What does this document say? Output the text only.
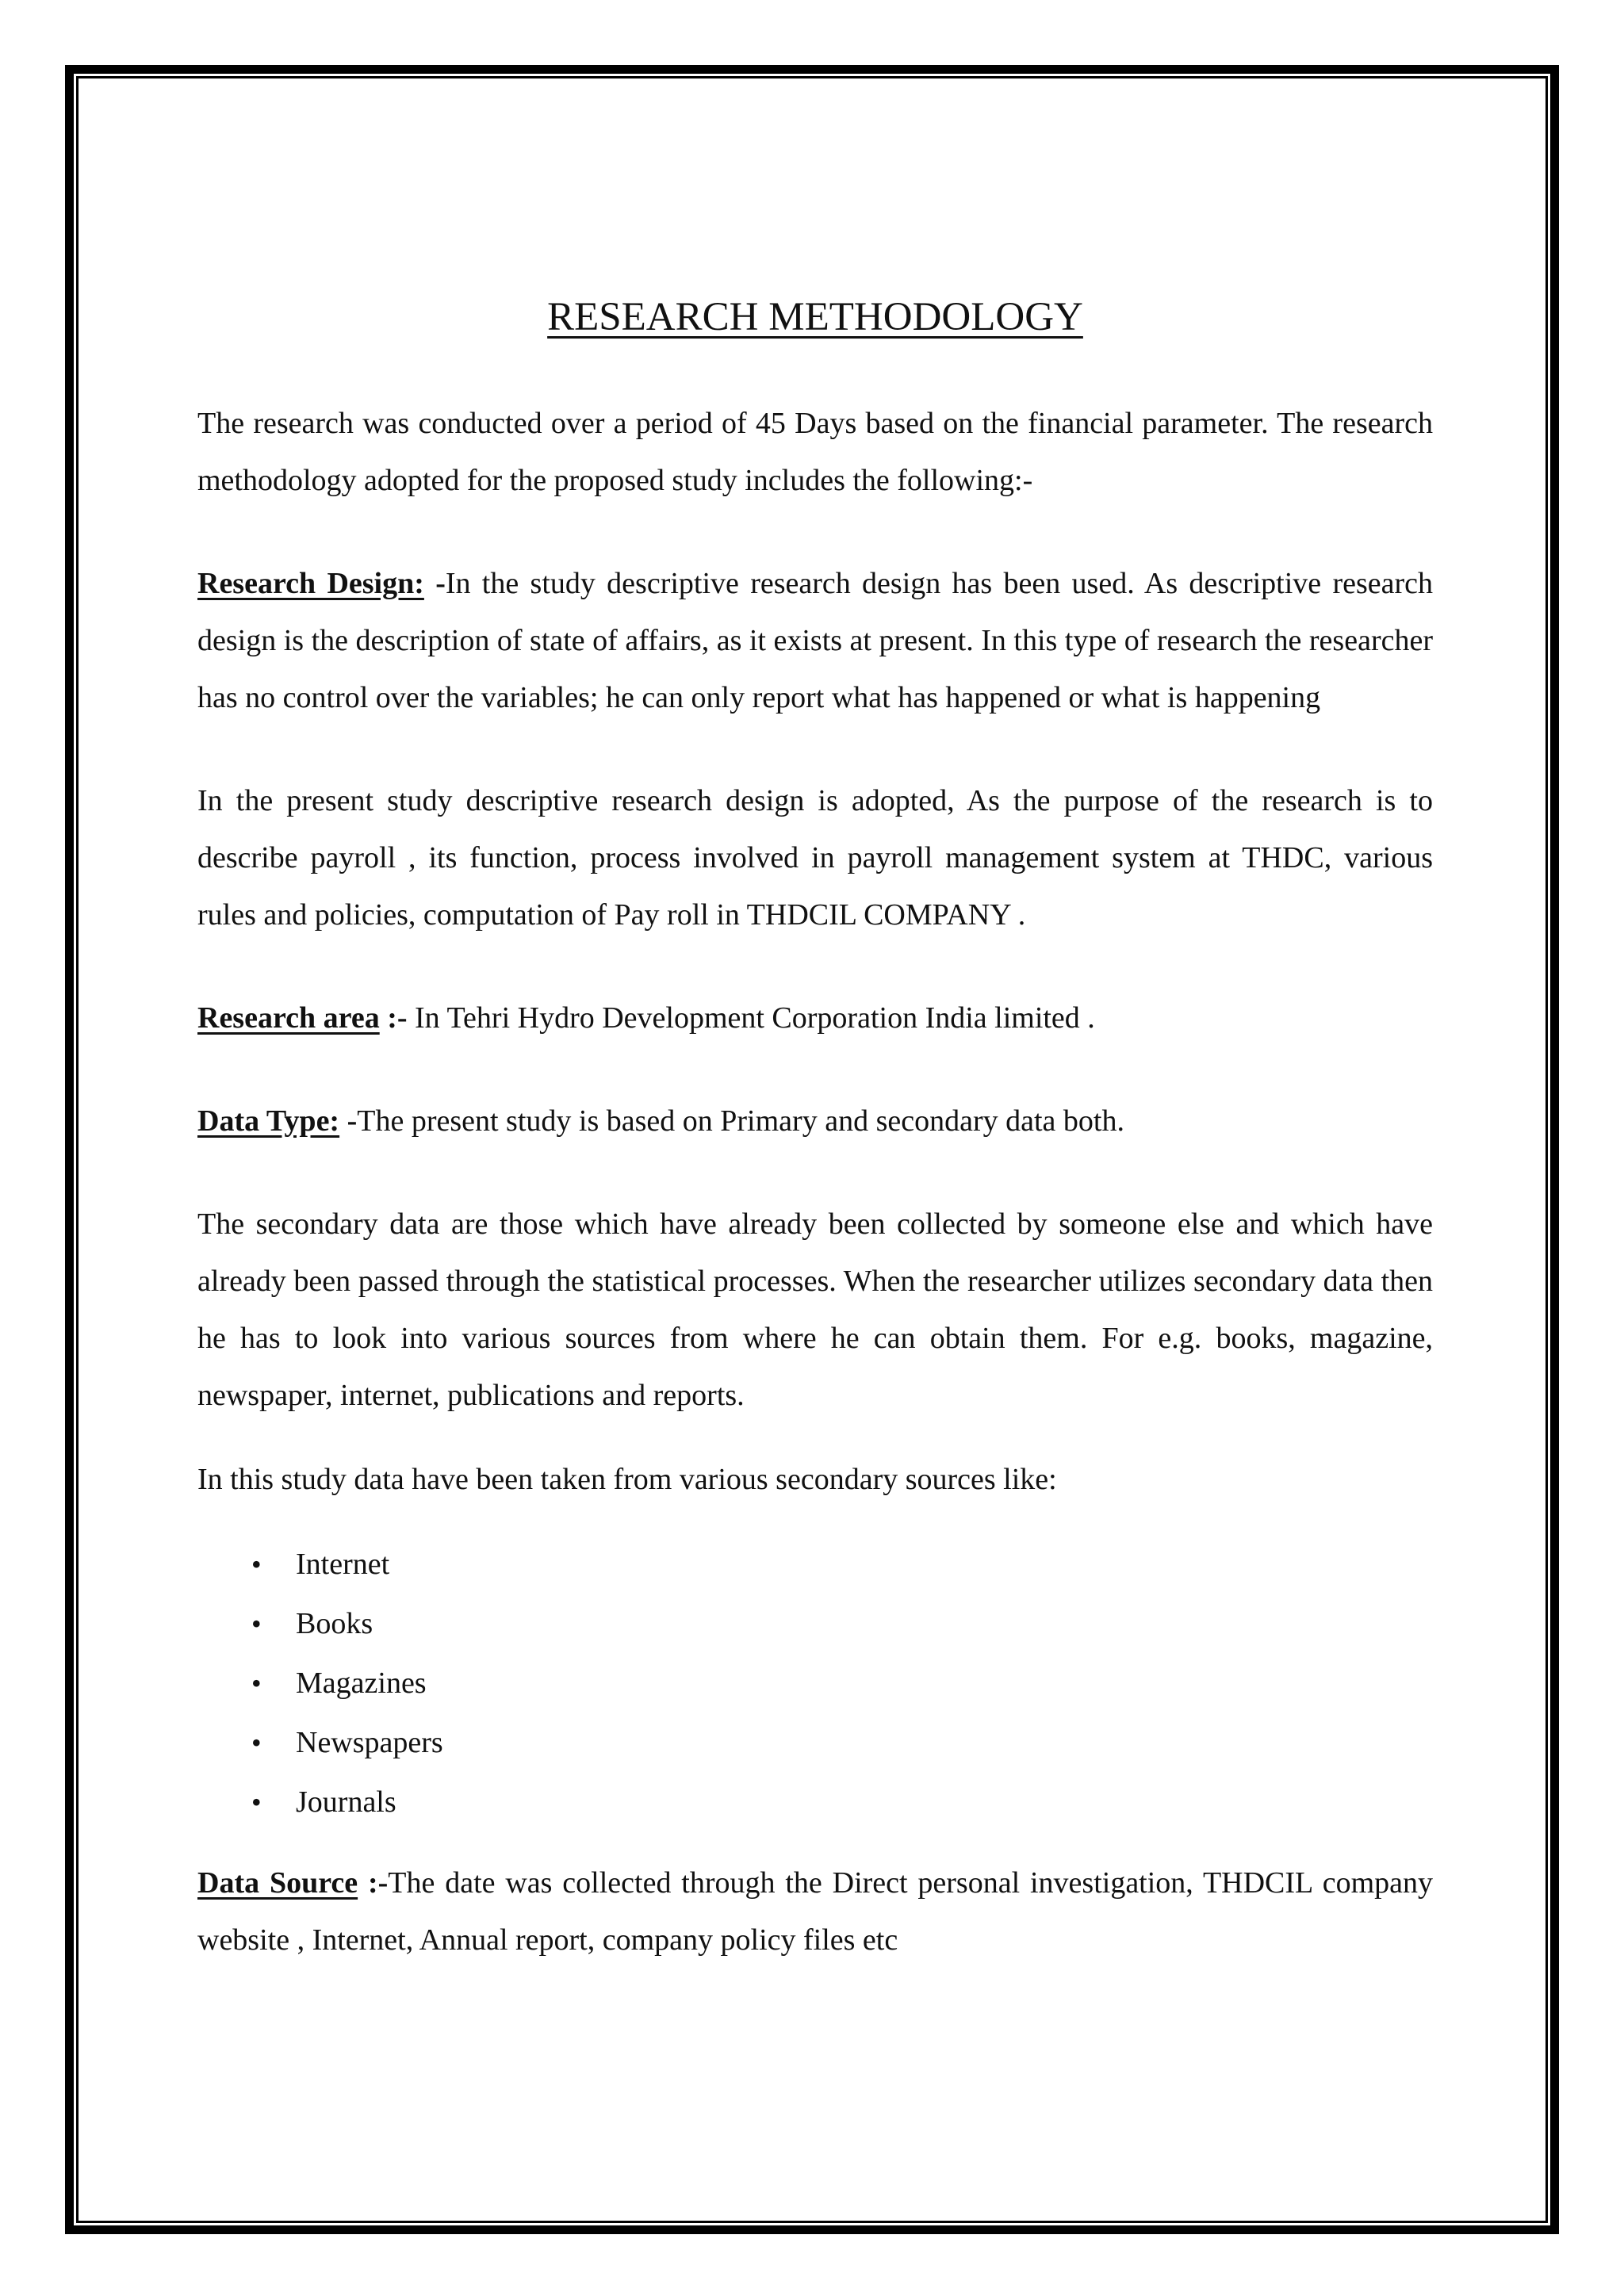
RESEARCH METHODOLOGY

The research was conducted over a period of 45 Days based on the financial parameter. The research methodology adopted for the proposed study includes the following:-

Research Design: -In the study descriptive research design has been used. As descriptive research design is the description of state of affairs, as it exists at present. In this type of research the researcher has no control over the variables; he can only report what has happened or what is happening

In the present study descriptive research design is adopted, As the purpose of the research is to describe payroll , its function, process involved in payroll management system at THDC, various rules and policies, computation of Pay roll in THDCIL COMPANY .

Research area :- In Tehri Hydro Development Corporation India limited .

Data Type: -The present study is based on Primary and secondary data both.

The secondary data are those which have already been collected by someone else and which have already been passed through the statistical processes. When the researcher utilizes secondary data then he has to look into various sources from where he can obtain them. For e.g. books, magazine, newspaper, internet, publications and reports.

In this study data have been taken from various secondary sources like:

• Internet
• Books
• Magazines
• Newspapers
• Journals

Data Source :-The date was collected through the Direct personal investigation, THDCIL company website , Internet, Annual report, company policy files etc
